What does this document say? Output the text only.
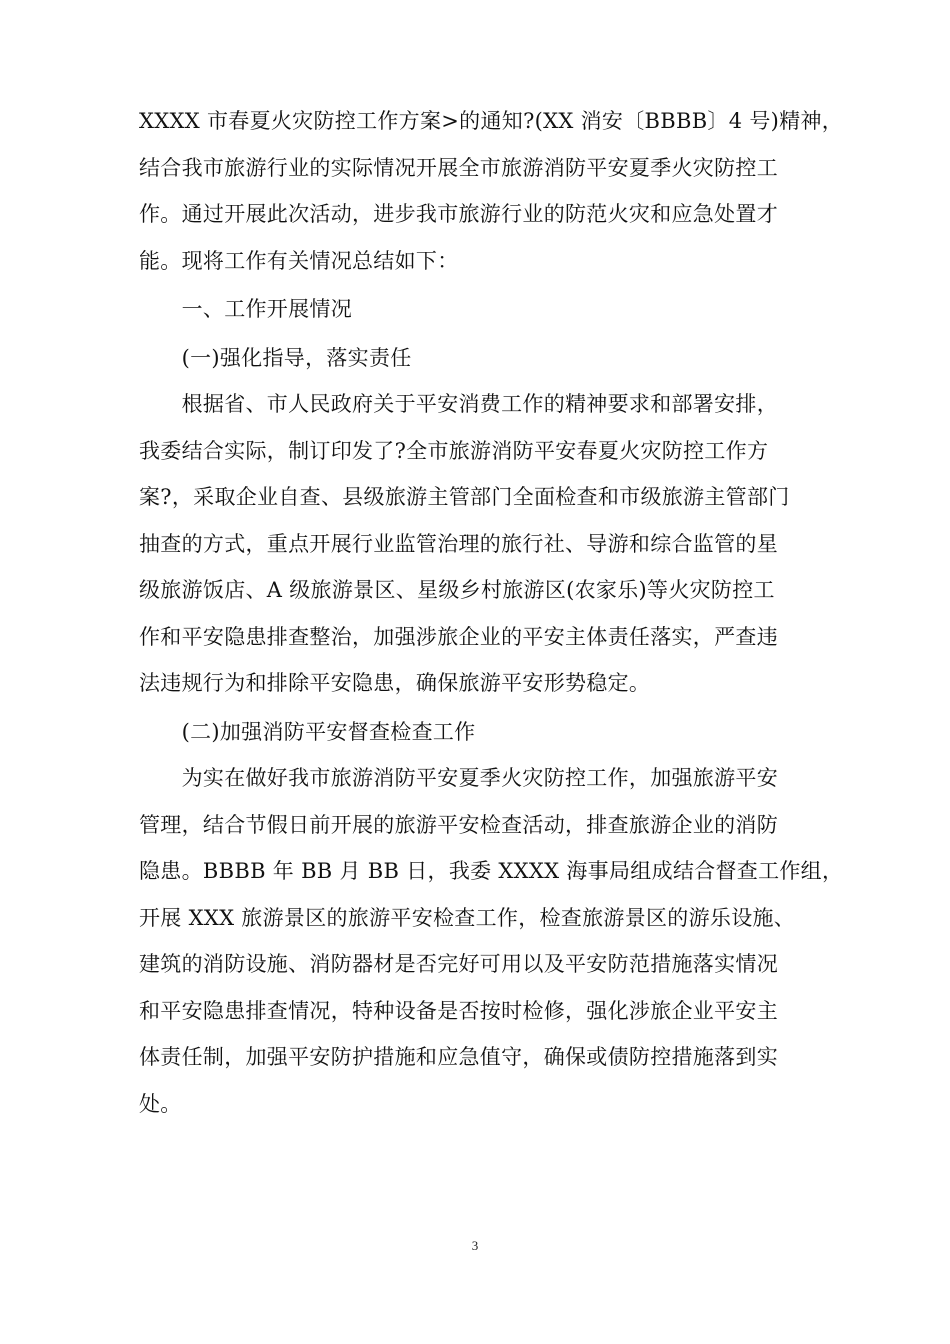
XXXX 市春夏火灾防控工作方案>的通知?(XX 消安〔BBBB〕4 号)精神，
结合我市旅游行业的实际情况开展全市旅游消防平安夏季火灾防控工
作。通过开展此次活动，进步我市旅游行业的防范火灾和应急处置才
能。现将工作有关情况总结如下：
　　一、工作开展情况
　　(一)强化指导，落实责任
　　根据省、市人民政府关于平安消费工作的精神要求和部署安排，
我委结合实际，制订印发了?全市旅游消防平安春夏火灾防控工作方
案?，采取企业自查、县级旅游主管部门全面检查和市级旅游主管部门
抽查的方式，重点开展行业监管治理的旅行社、导游和综合监管的星
级旅游饭店、A 级旅游景区、星级乡村旅游区(农家乐)等火灾防控工
作和平安隐患排查整治，加强涉旅企业的平安主体责任落实，严查违
法违规行为和排除平安隐患，确保旅游平安形势稳定。
　　(二)加强消防平安督查检查工作
　　为实在做好我市旅游消防平安夏季火灾防控工作，加强旅游平安
管理，结合节假日前开展的旅游平安检查活动，排查旅游企业的消防
隐患。BBBB 年 BB 月 BB 日，我委 XXXX 海事局组成结合督查工作组，
开展 XXX 旅游景区的旅游平安检查工作，检查旅游景区的游乐设施、
建筑的消防设施、消防器材是否完好可用以及平安防范措施落实情况
和平安隐患排查情况，特种设备是否按时检修，强化涉旅企业平安主
体责任制，加强平安防护措施和应急值守，确保或债防控措施落到实
处。
3
